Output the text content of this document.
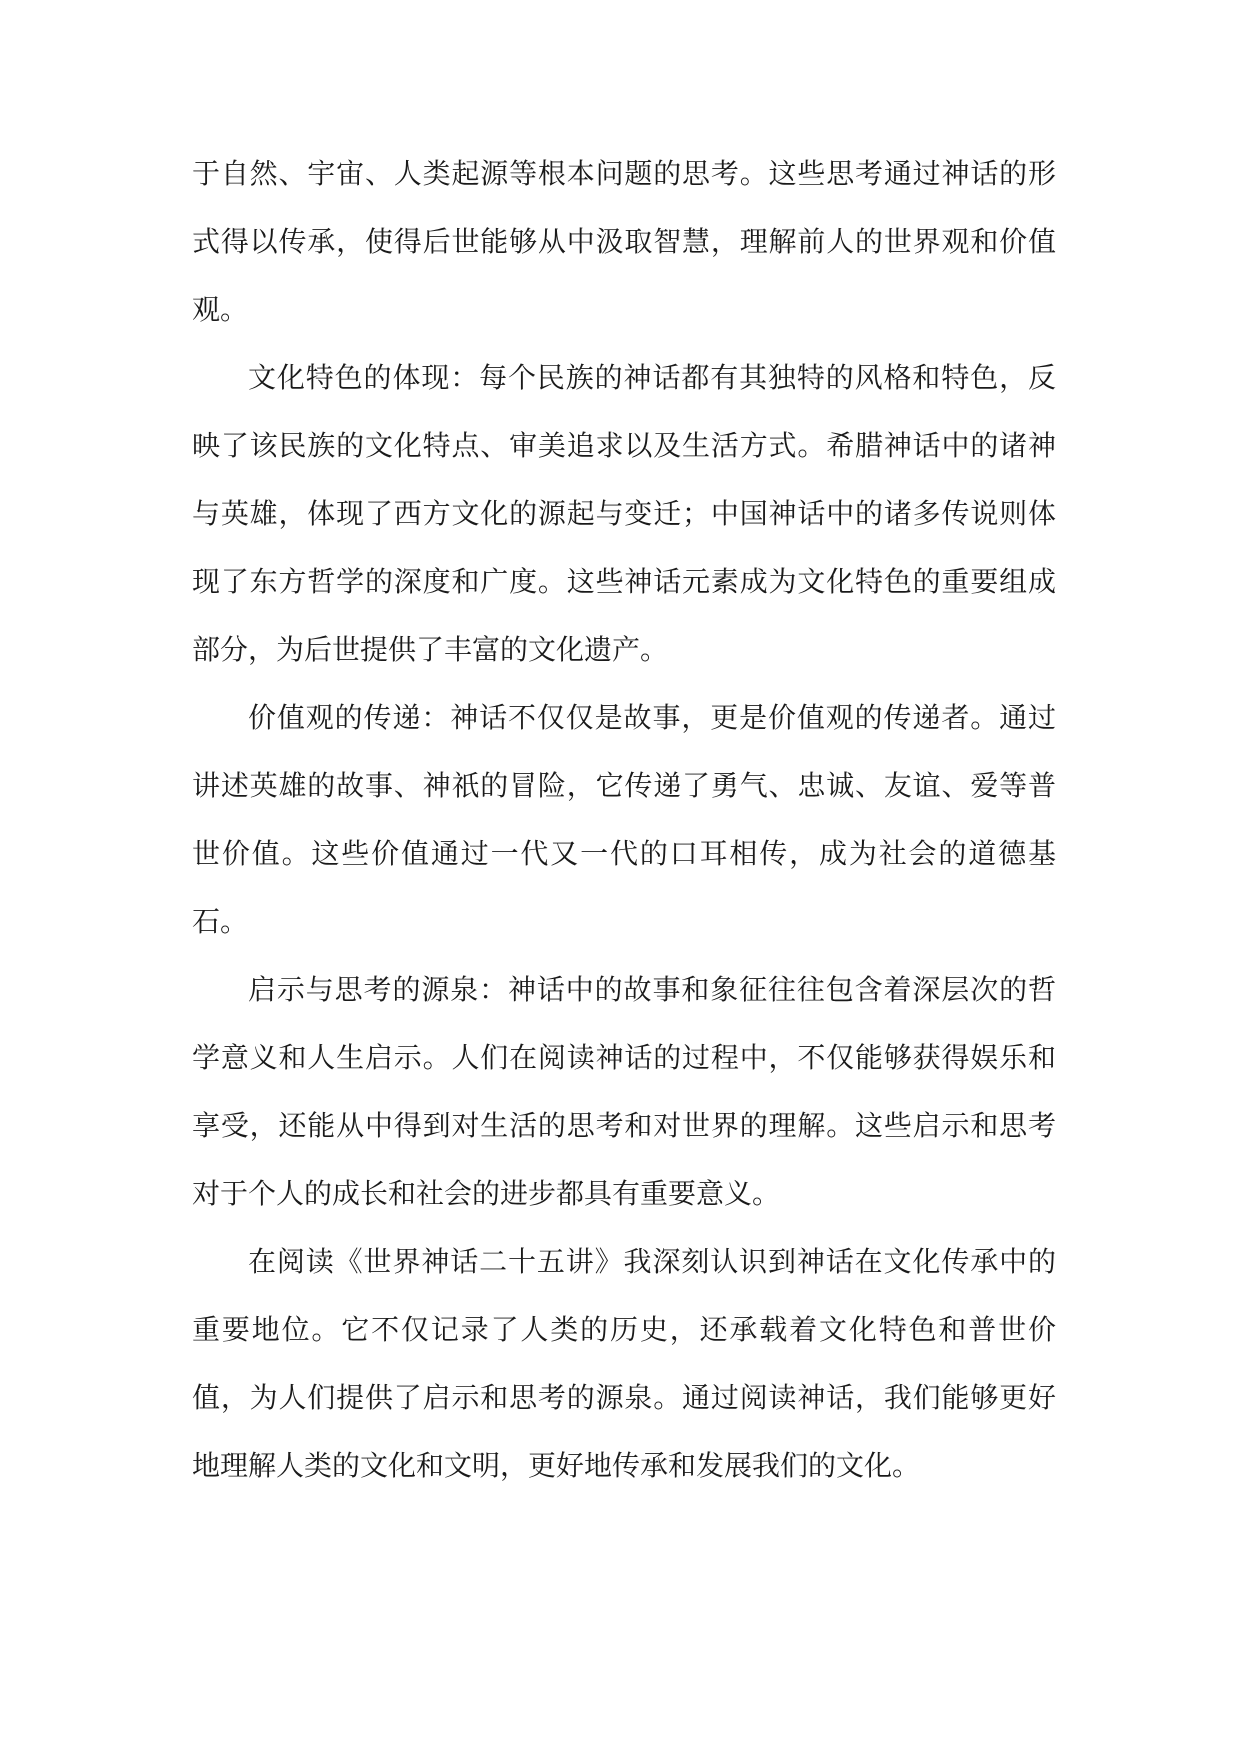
于自然、宇宙、人类起源等根本问题的思考。这些思考通过神话的形式得以传承，使得后世能够从中汲取智慧，理解前人的世界观和价值观。

文化特色的体现：每个民族的神话都有其独特的风格和特色，反映了该民族的文化特点、审美追求以及生活方式。希腊神话中的诸神与英雄，体现了西方文化的源起与变迁；中国神话中的诸多传说则体现了东方哲学的深度和广度。这些神话元素成为文化特色的重要组成部分，为后世提供了丰富的文化遗产。

价值观的传递：神话不仅仅是故事，更是价值观的传递者。通过讲述英雄的故事、神祇的冒险，它传递了勇气、忠诚、友谊、爱等普世价值。这些价值通过一代又一代的口耳相传，成为社会的道德基石。

启示与思考的源泉：神话中的故事和象征往往包含着深层次的哲学意义和人生启示。人们在阅读神话的过程中，不仅能够获得娱乐和享受，还能从中得到对生活的思考和对世界的理解。这些启示和思考对于个人的成长和社会的进步都具有重要意义。

在阅读《世界神话二十五讲》我深刻认识到神话在文化传承中的重要地位。它不仅记录了人类的历史，还承载着文化特色和普世价值，为人们提供了启示和思考的源泉。通过阅读神话，我们能够更好地理解人类的文化和文明，更好地传承和发展我们的文化。
